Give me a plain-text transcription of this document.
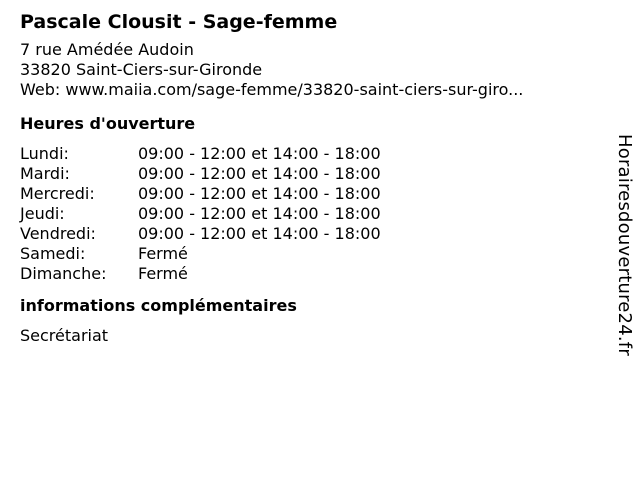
Pascale Clousit - Sage-femme
7 rue Amédée Audoin
33820 Saint-Ciers-sur-Gironde
Web: www.maiia.com/sage-femme/33820-saint-ciers-sur-giro...
Heures d'ouverture
Lundi:	09:00 - 12:00 et 14:00 - 18:00
Mardi:	09:00 - 12:00 et 14:00 - 18:00
Mercredi:	09:00 - 12:00 et 14:00 - 18:00
Jeudi:	09:00 - 12:00 et 14:00 - 18:00
Vendredi:	09:00 - 12:00 et 14:00 - 18:00
Samedi:	Fermé
Dimanche:	Fermé
informations complémentaires
Secrétariat	Horairesdouverture24.fr
